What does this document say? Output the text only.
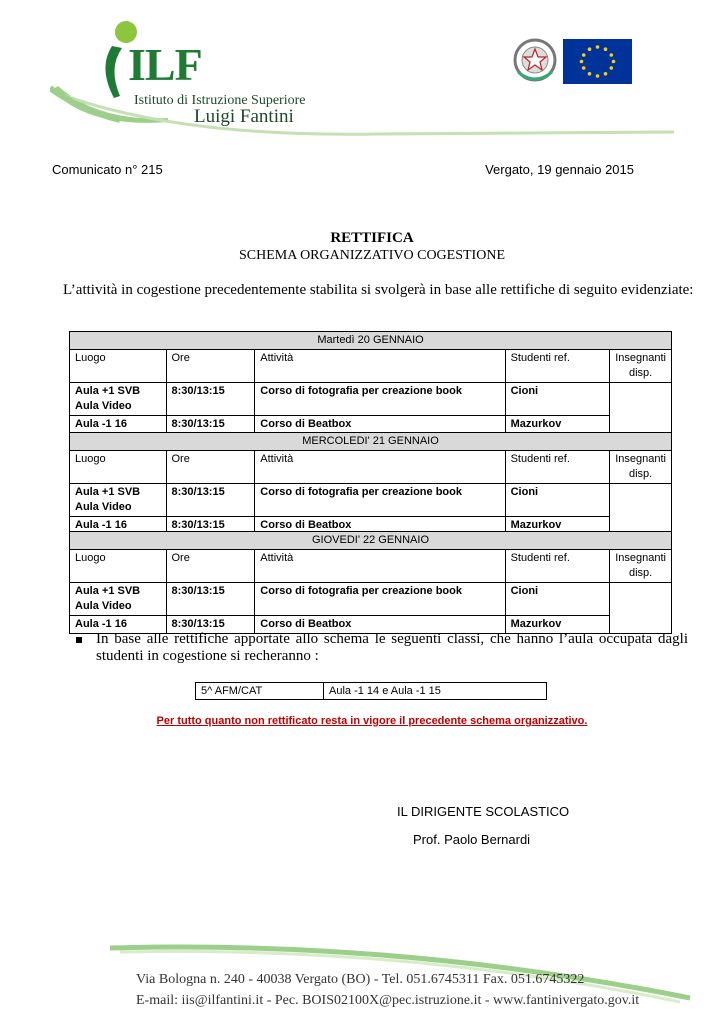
ILF
Istituto di Istruzione Superiore
Luigi Fantini
Comunicato n° 215	Vergato, 19 gennaio 2015
RETTIFICA
SCHEMA ORGANIZZATIVO COGESTIONE
L’attività in cogestione precedentemente stabilita si svolgerà in base alle rettifiche di seguito evidenziate:
Martedì 20 GENNAIO				
Luogo	Ore	Attività	Studenti ref.	Insegnanti disp.
Aula +1 SVB
Aula Video	8:30/13:15	Corso di fotografia per creazione book	Cioni	
Aula -1 16	8:30/13:15	Corso di Beatbox	Mazurkov	
MERCOLEDI' 21 GENNAIO				
Luogo	Ore	Attività	Studenti ref.	Insegnanti disp.
Aula +1 SVB
Aula Video	8:30/13:15	Corso di fotografia per creazione book	Cioni	
Aula -1 16	8:30/13:15	Corso di Beatbox	Mazurkov	
GIOVEDI' 22 GENNAIO				
Luogo	Ore	Attività	Studenti ref.	Insegnanti disp.
Aula +1 SVB
Aula Video	8:30/13:15	Corso di fotografia per creazione book	Cioni	
Aula -1 16	8:30/13:15	Corso di Beatbox	Mazurkov	
In base alle rettifiche apportate allo schema le seguenti classi, che hanno l’aula occupata dagli studenti in cogestione si recheranno :
5^ AFM/CAT	Aula -1 14 e Aula -1 15
Per tutto quanto non rettificato resta in vigore il precedente schema organizzativo.
IL DIRIGENTE SCOLASTICO
Prof. Paolo Bernardi
Via Bologna n. 240 - 40038 Vergato (BO) - Tel. 051.6745311 Fax. 051.6745322
E-mail: iis@ilfantini.it - Pec. BOIS02100X@pec.istruzione.it - www.fantinivergato.gov.it
